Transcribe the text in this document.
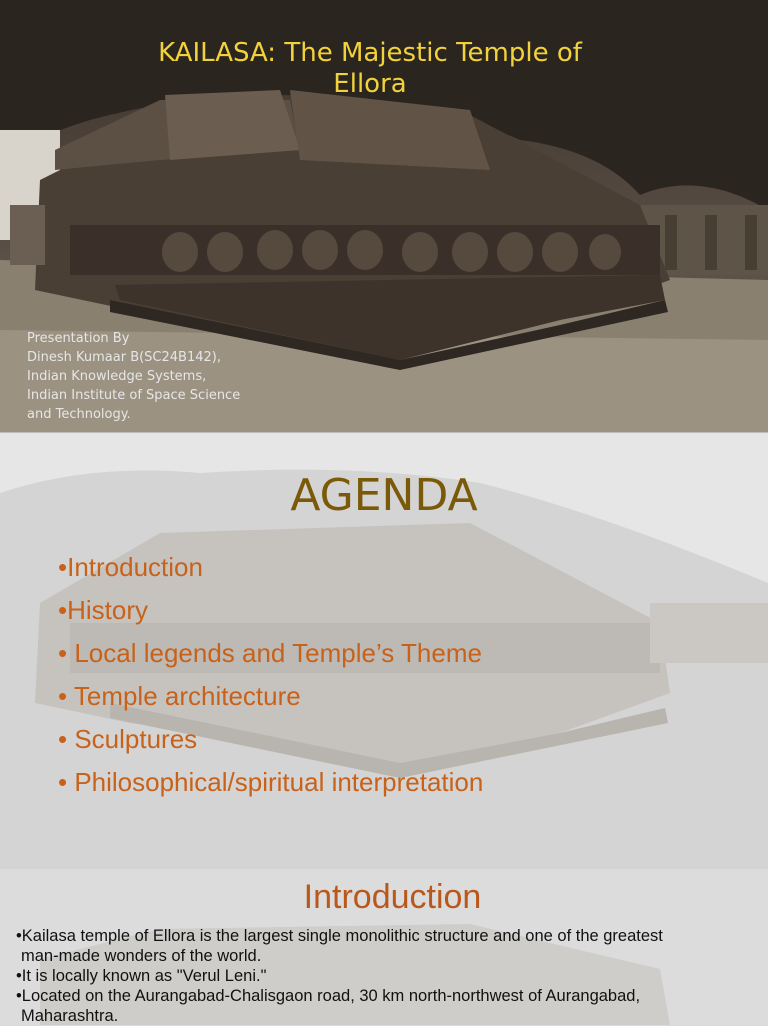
KAILASA: The Majestic Temple of
Ellora
Presentation By
Dinesh Kumaar B(SC24B142),
Indian Knowledge Systems,
Indian Institute of Space Science
and Technology.
AGENDA
•Introduction
•History
• Local legends and Temple’s Theme
• Temple architecture
• Sculptures
• Philosophical/spiritual interpretation
Introduction
•Kailasa temple of Ellora is the largest single monolithic structure and one of the greatest
man-made wonders of the world.
•It is locally known as "Verul Leni."
•Located on the Aurangabad-Chalisgaon road, 30 km north-northwest of Aurangabad,
Maharashtra.
